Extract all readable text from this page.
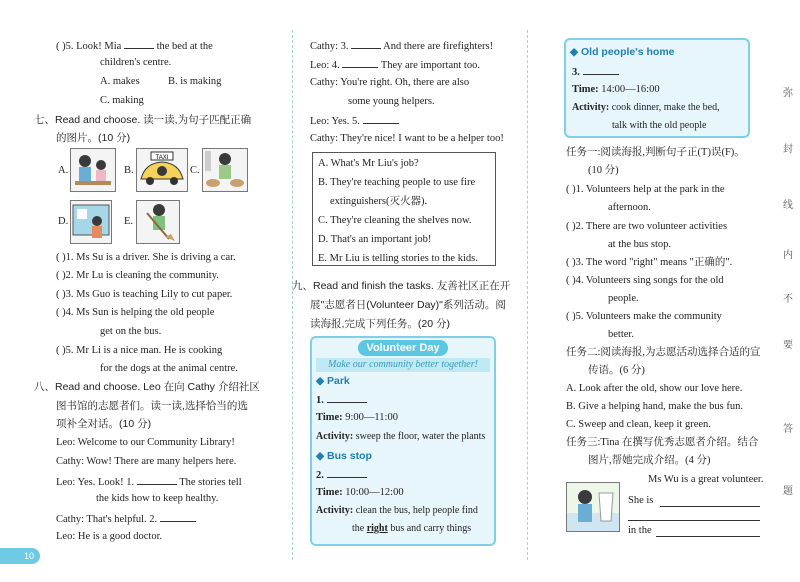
( )5. Look! Mia	the bed at the
children's centre.
A. makes	B. is making
C. making
七、Read and choose. 读一读,为句子匹配正确
的图片。(10 分)
A.	B.
TAXI
C.
D.	E.
( )1. Ms Su is a driver. She is driving a car.
( )2. Mr Lu is cleaning the community.
( )3. Ms Guo is teaching Lily to cut paper.
( )4. Ms Sun is helping the old people
get on the bus.
( )5. Mr Li is a nice man. He is cooking
for the dogs at the animal centre.
八、Read and choose. Leo 在向 Cathy 介绍社区
图书馆的志愿者们。读一读,选择恰当的选
项补全对话。(10 分)
Leo: Welcome to our Community Library!
Cathy: Wow! There are many helpers here.
Leo: Yes. Look! 1.	The stories tell
the kids how to keep healthy.
Cathy: That's helpful. 2.
Leo: He is a good doctor.
Cathy: 3.	And there are firefighters!
Leo: 4.	They are important too.
Cathy: You're right. Oh, there are also
some young helpers.
Leo: Yes. 5.
Cathy: They're nice! I want to be a helper too!
A. What's Mr Liu's job?
B. They're teaching people to use fire
extinguishers(灭火器).
C. They're cleaning the shelves now.
D. That's an important job!
E. Mr Liu is telling stories to the kids.
九、Read and finish the tasks. 友善社区正在开
展"志愿者日(Volunteer Day)"系列活动。阅
读海报,完成下列任务。(20 分)
Volunteer Day
Make our community better together!
◆ Park
1.
Time: 9:00—11:00
Activity: sweep the floor, water the plants
◆ Bus stop
2.
Time: 10:00—12:00
Activity: clean the bus, help people find
the right bus and carry things
◆ Old people's home
3.
Time: 14:00—16:00
Activity: cook dinner, make the bed,
talk with the old people
任务一:阅读海报,判断句子正(T)误(F)。
(10 分)
( )1. Volunteers help at the park in the
afternoon.
( )2. There are two volunteer activities
at the bus stop.
( )3. The word "right" means "正确的".
( )4. Volunteers sing songs for the old
people.
( )5. Volunteers make the community
better.
任务二:阅读海报,为志愿活动选择合适的宣
传语。(6 分)
A. Look after the old, show our love here.
B. Give a helping hand, make the bus fun.
C. Sweep and clean, keep it green.
任务三:Tina 在撰写优秀志愿者介绍。结合
图片,帮她完成介绍。(4 分)
Ms Wu is a great volunteer.
She is
in the
弥
封
线
内
不
要
答
题
10
